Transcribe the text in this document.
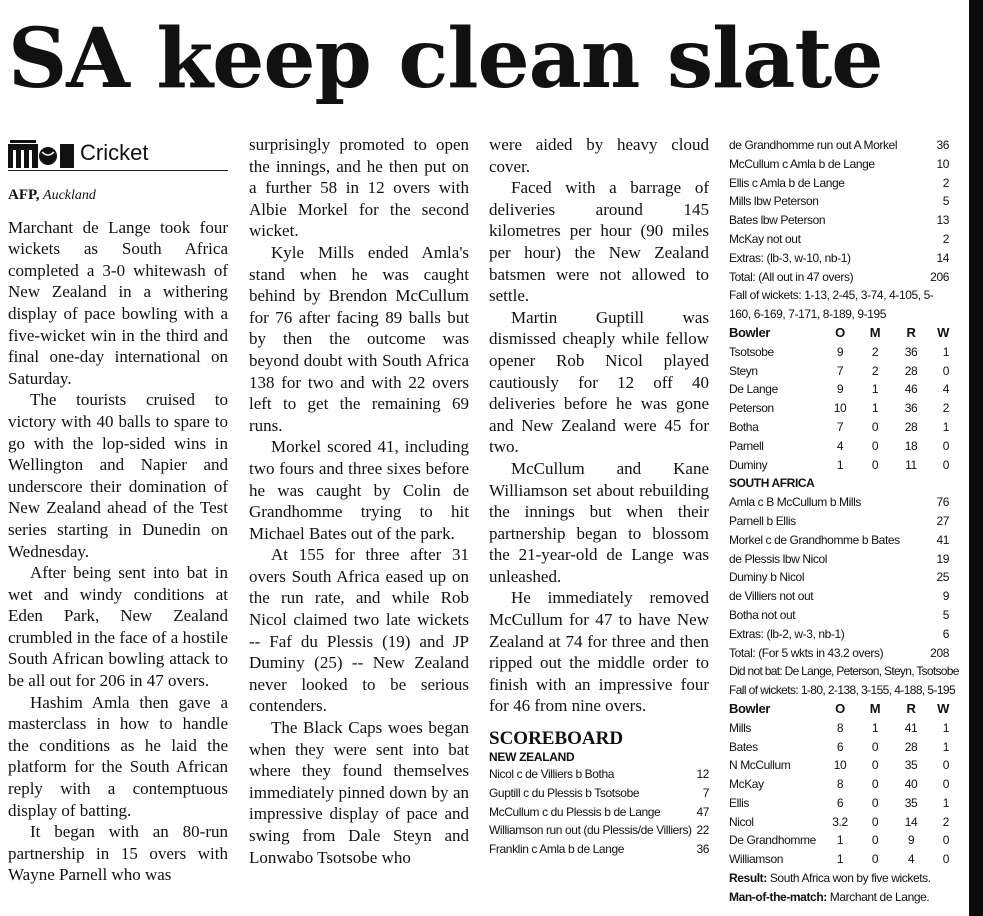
SA keep clean slate
Cricket
AFP, Auckland

Marchant de Lange took four wickets as South Africa completed a 3-0 whitewash of New Zealand in a withering display of pace bowling with a five-wicket win in the third and final one-day international on Saturday.

The tourists cruised to victory with 40 balls to spare to go with the lop-sided wins in Wellington and Napier and underscore their domination of New Zealand ahead of the Test series starting in Dunedin on Wednesday.

After being sent into bat in wet and windy conditions at Eden Park, New Zealand crumbled in the face of a hostile South African bowling attack to be all out for 206 in 47 overs.

Hashim Amla then gave a masterclass in how to handle the conditions as he laid the platform for the South African reply with a contemptuous display of batting.

It began with an 80-run partnership in 15 overs with Wayne Parnell who was

surprisingly promoted to open the innings, and he then put on a further 58 in 12 overs with Albie Morkel for the second wicket.

Kyle Mills ended Amla's stand when he was caught behind by Brendon McCullum for 76 after facing 89 balls but by then the outcome was beyond doubt with South Africa 138 for two and with 22 overs left to get the remaining 69 runs.

Morkel scored 41, including two fours and three sixes before he was caught by Colin de Grandhomme trying to hit Michael Bates out of the park.

At 155 for three after 31 overs South Africa eased up on the run rate, and while Rob Nicol claimed two late wickets -- Faf du Plessis (19) and JP Duminy (25) -- New Zealand never looked to be serious contenders.

The Black Caps woes began when they were sent into bat where they found themselves immediately pinned down by an impressive display of pace and swing from Dale Steyn and Lonwabo Tsotsobe who

were aided by heavy cloud cover.

Faced with a barrage of deliveries around 145 kilometres per hour (90 miles per hour) the New Zealand batsmen were not allowed to settle.

Martin Guptill was dismissed cheaply while fellow opener Rob Nicol played cautiously for 12 off 40 deliveries before he was gone and New Zealand were 45 for two.

McCullum and Kane Williamson set about rebuilding the innings but when their partnership began to blossom the 21-year-old de Lange was unleashed.

He immediately removed McCullum for 47 to have New Zealand at 74 for three and then ripped out the middle order to finish with an impressive four for 46 from nine overs.

SCOREBOARD
NEW ZEALAND
Nicol c de Villiers b Botha	12
Guptill c du Plessis b Tsotsobe	7
McCullum c du Plessis b de Lange	47
Williamson run out (du Plessis/de Villiers) 22
Franklin c Amla b de Lange	36
de Grandhomme run out A Morkel	36
McCullum c Amla b de Lange	10
Ellis c Amla b de Lange	2
Mills lbw Peterson	5
Bates lbw Peterson	13
McKay not out	2
Extras: (lb-3, w-10, nb-1)	14
Total: (All out in 47 overs)	206
Fall of wickets: 1-13, 2-45, 3-74, 4-105, 5-160, 6-169, 7-171, 8-189, 9-195
Bowler	O	M	R	W
Tsotsobe	9	2	36	1
Steyn	7	2	28	0
De Lange	9	1	46	4
Peterson	10	1	36	2
Botha	7	0	28	1
Parnell	4	0	18	0
Duminy	1	0	11	0
SOUTH AFRICA
Amla c B McCullum b Mills	76
Parnell b Ellis	27
Morkel c de Grandhomme b Bates	41
de Plessis lbw Nicol	19
Duminy b Nicol	25
de Villiers not out	9
Botha not out	5
Extras: (lb-2, w-3, nb-1)	6
Total: (For 5 wkts in 43.2 overs)	208
Did not bat: De Lange, Peterson, Steyn, Tsotsobe
Fall of wickets: 1-80, 2-138, 3-155, 4-188, 5-195
Bowler	O	M	R	W
Mills	8	1	41	1
Bates	6	0	28	1
N McCullum	10	0	35	0
McKay	8	0	40	0
Ellis	6	0	35	1
Nicol	3.2	0	14	2
De Grandhomme	1	0	9	0
Williamson	1	0	4	0
Result: South Africa won by five wickets.
Man-of-the-match: Marchant de Lange.
